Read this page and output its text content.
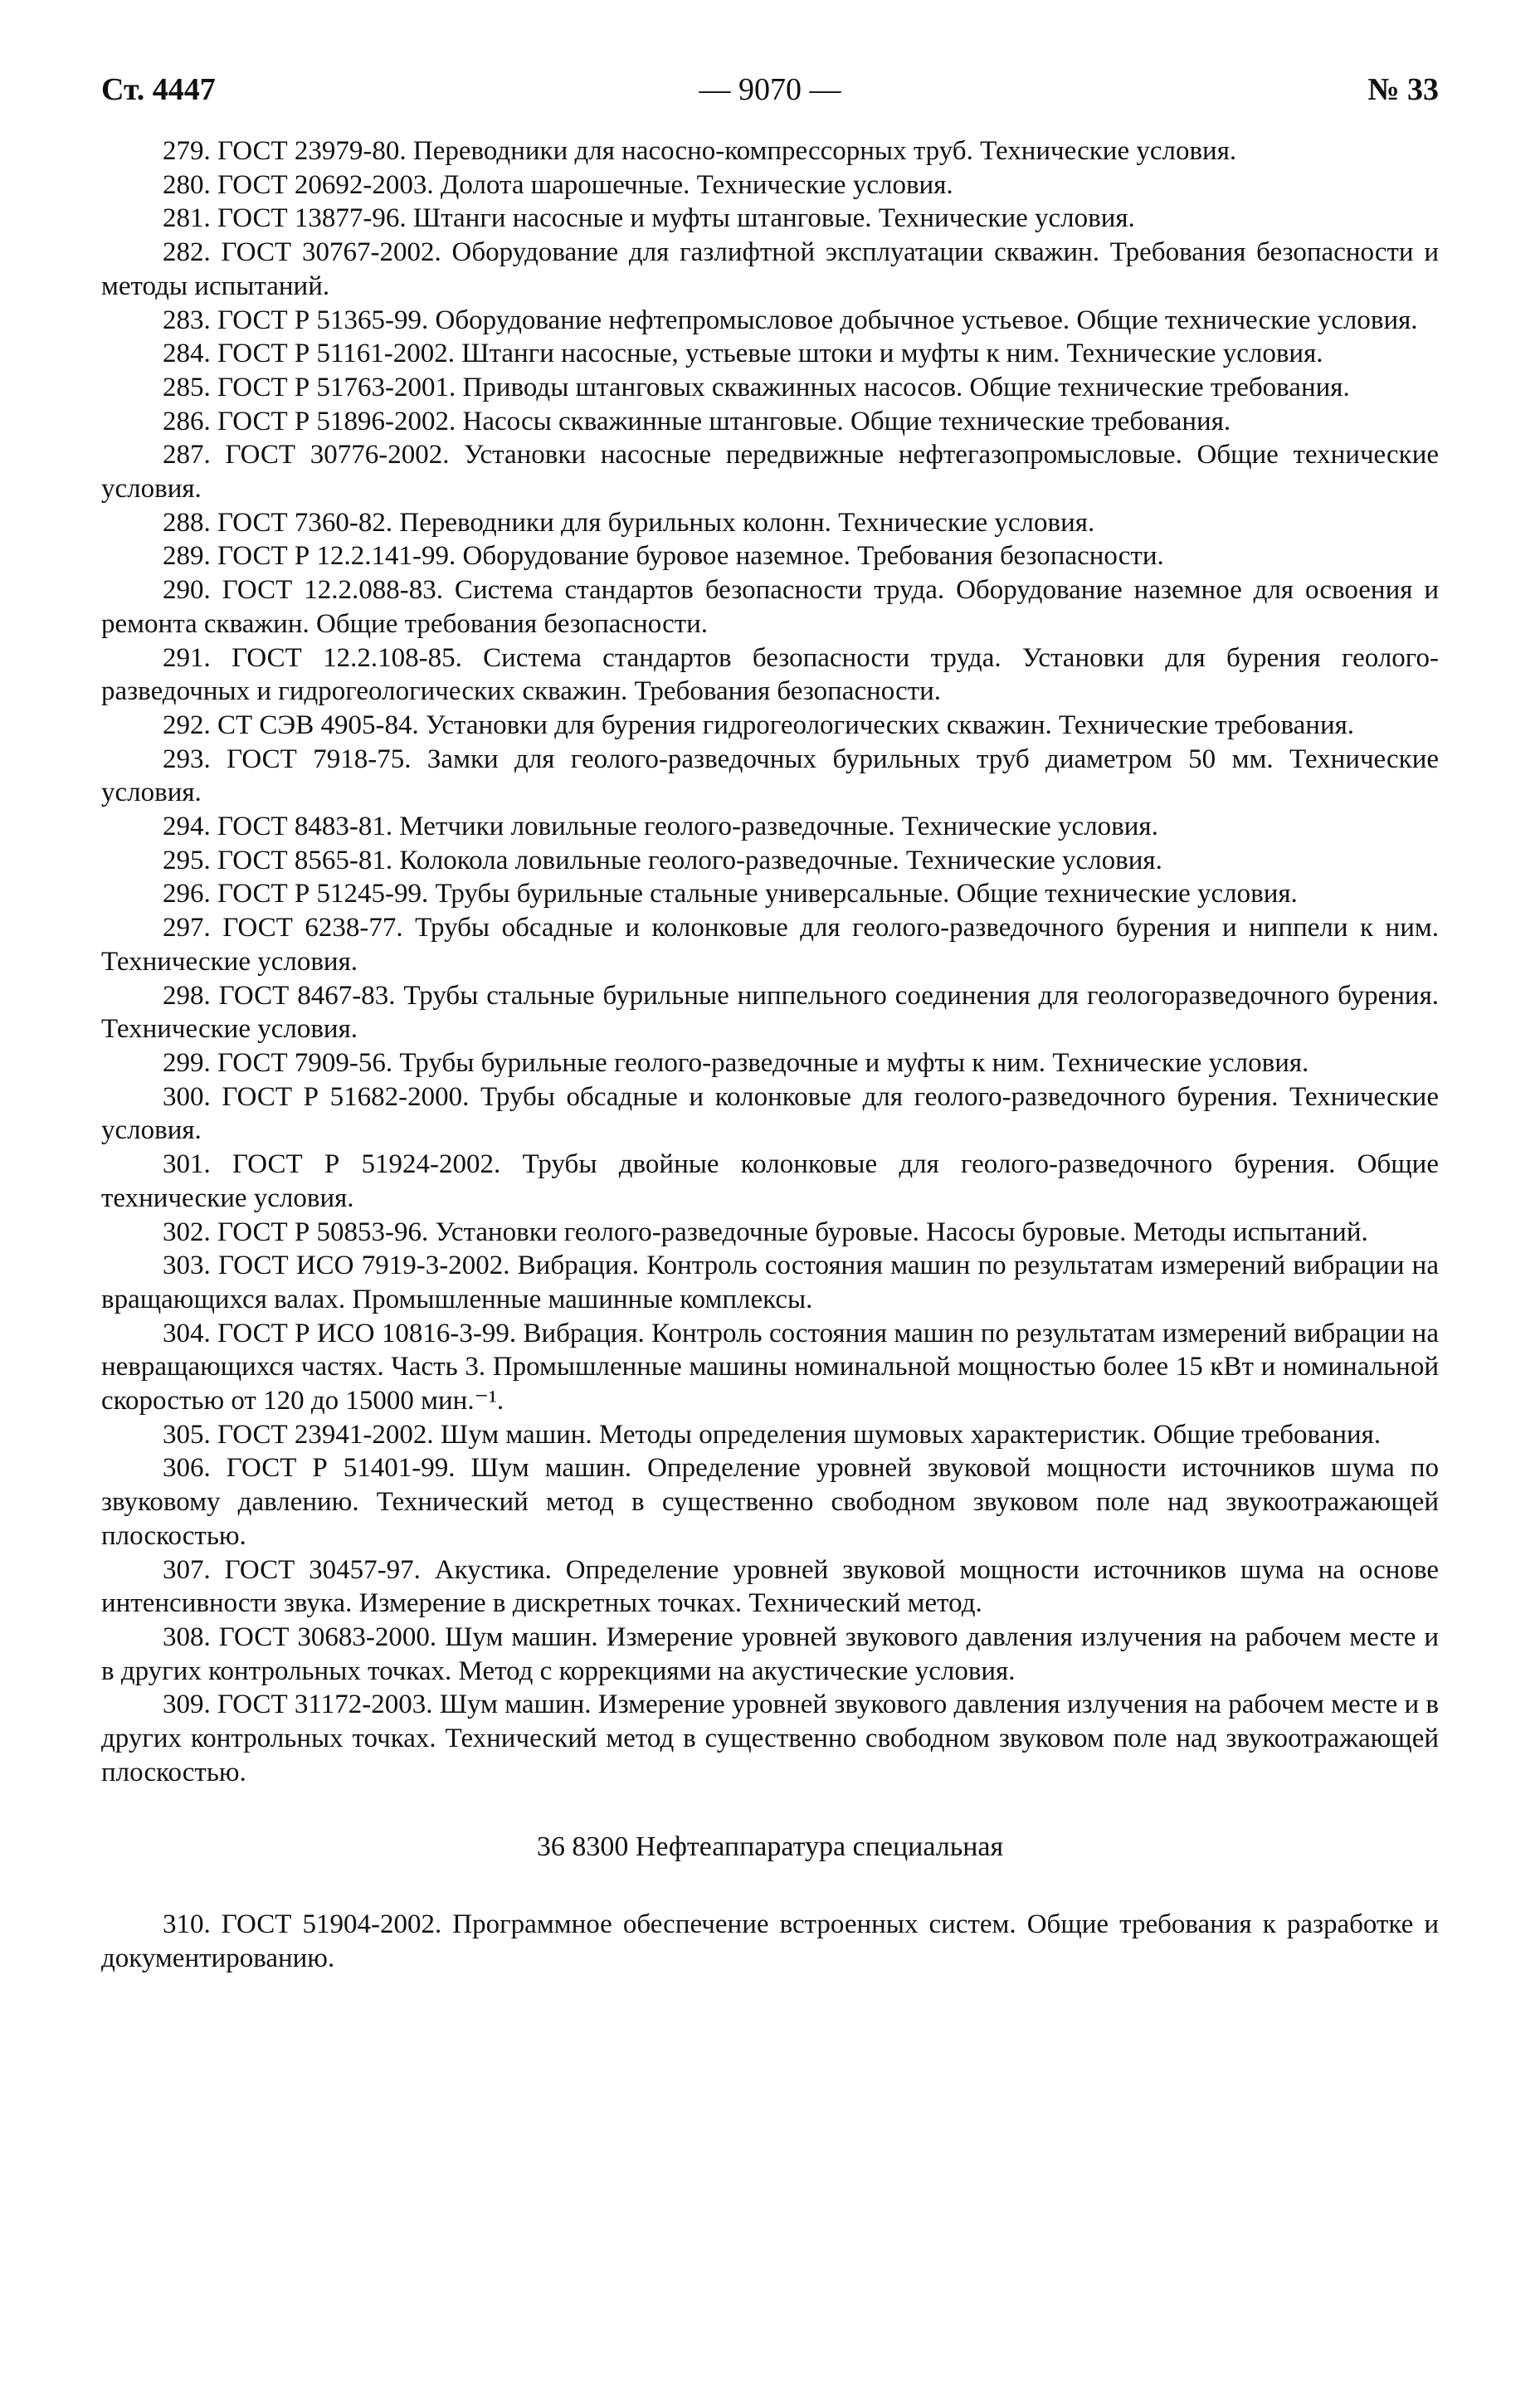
Ст. 4447	— 9070 —	№ 33

279. ГОСТ 23979-80. Переводники для насосно-компрессорных труб. Технические условия.

280. ГОСТ 20692-2003. Долота шарошечные. Технические условия.

281. ГОСТ 13877-96. Штанги насосные и муфты штанговые. Технические условия.

282. ГОСТ 30767-2002. Оборудование для газлифтной эксплуатации скважин. Требования безопасности и методы испытаний.

283. ГОСТ Р 51365-99. Оборудование нефтепромысловое добычное устьевое. Общие технические условия.

284. ГОСТ Р 51161-2002. Штанги насосные, устьевые штоки и муфты к ним. Технические условия.

285. ГОСТ Р 51763-2001. Приводы штанговых скважинных насосов. Общие технические требования.

286. ГОСТ Р 51896-2002. Насосы скважинные штанговые. Общие технические требования.

287. ГОСТ 30776-2002. Установки насосные передвижные нефтегазопромысловые. Общие технические условия.

288. ГОСТ 7360-82. Переводники для бурильных колонн. Технические условия.

289. ГОСТ Р 12.2.141-99. Оборудование буровое наземное. Требования безопасности.

290. ГОСТ 12.2.088-83. Система стандартов безопасности труда. Оборудование наземное для освоения и ремонта скважин. Общие требования безопасности.

291. ГОСТ 12.2.108-85. Система стандартов безопасности труда. Установки для бурения геолого-разведочных и гидрогеологических скважин. Требования безопасности.

292. СТ СЭВ 4905-84. Установки для бурения гидрогеологических скважин. Технические требования.

293. ГОСТ 7918-75. Замки для геолого-разведочных бурильных труб диаметром 50 мм. Технические условия.

294. ГОСТ 8483-81. Метчики ловильные геолого-разведочные. Технические условия.

295. ГОСТ 8565-81. Колокола ловильные геолого-разведочные. Технические условия.

296. ГОСТ Р 51245-99. Трубы бурильные стальные универсальные. Общие технические условия.

297. ГОСТ 6238-77. Трубы обсадные и колонковые для геолого-разведочного бурения и ниппели к ним. Технические условия.

298. ГОСТ 8467-83. Трубы стальные бурильные ниппельного соединения для геологоразведочного бурения. Технические условия.

299. ГОСТ 7909-56. Трубы бурильные геолого-разведочные и муфты к ним. Технические условия.

300. ГОСТ Р 51682-2000. Трубы обсадные и колонковые для геолого-разведочного бурения. Технические условия.

301. ГОСТ Р 51924-2002. Трубы двойные колонковые для геолого-разведочного бурения. Общие технические условия.

302. ГОСТ Р 50853-96. Установки геолого-разведочные буровые. Насосы буровые. Методы испытаний.

303. ГОСТ ИСО 7919-3-2002. Вибрация. Контроль состояния машин по результатам измерений вибрации на вращающихся валах. Промышленные машинные комплексы.

304. ГОСТ Р ИСО 10816-3-99. Вибрация. Контроль состояния машин по результатам измерений вибрации на невращающихся частях. Часть 3. Промышленные машины номинальной мощностью более 15 кВт и номинальной скоростью от 120 до 15000 мин.⁻¹.

305. ГОСТ 23941-2002. Шум машин. Методы определения шумовых характеристик. Общие требования.

306. ГОСТ Р 51401-99. Шум машин. Определение уровней звуковой мощности источников шума по звуковому давлению. Технический метод в существенно свободном звуковом поле над звукоотражающей плоскостью.

307. ГОСТ 30457-97. Акустика. Определение уровней звуковой мощности источников шума на основе интенсивности звука. Измерение в дискретных точках. Технический метод.

308. ГОСТ 30683-2000. Шум машин. Измерение уровней звукового давления излучения на рабочем месте и в других контрольных точках. Метод с коррекциями на акустические условия.

309. ГОСТ 31172-2003. Шум машин. Измерение уровней звукового давления излучения на рабочем месте и в других контрольных точках. Технический метод в существенно свободном звуковом поле над звукоотражающей плоскостью.

36 8300 Нефтеаппаратура специальная

310. ГОСТ 51904-2002. Программное обеспечение встроенных систем. Общие требования к разработке и документированию.
